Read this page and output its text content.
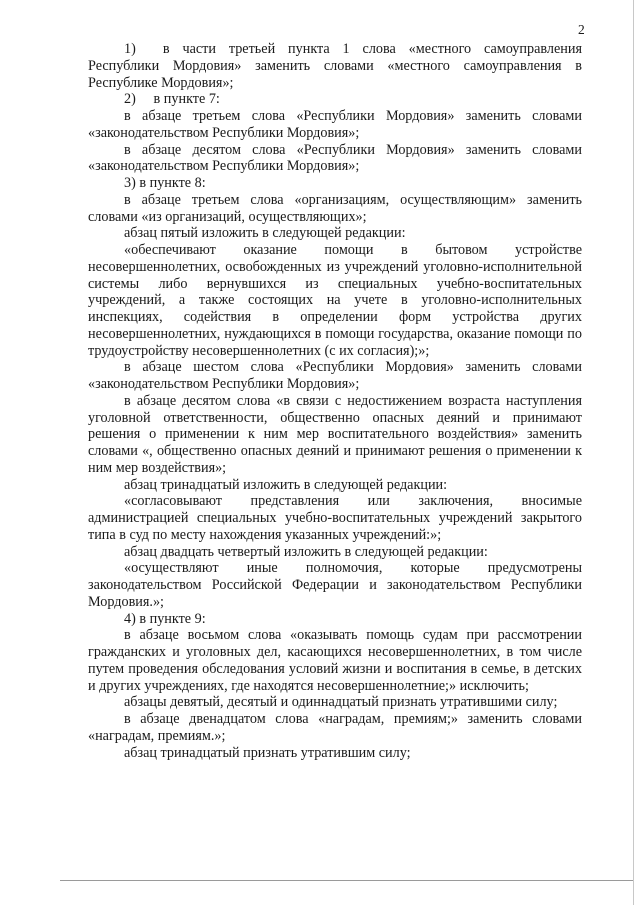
2

1)  в части третьей пункта 1 слова «местного самоуправления Республики Мордовия» заменить словами «местного самоуправления в Республике Мордовия»;

2)  в пункте 7:

в абзаце третьем слова «Республики Мордовия» заменить словами «законодательством Республики Мордовия»;

в абзаце десятом слова «Республики Мордовия» заменить словами «законодательством Республики Мордовия»;

3) в пункте 8:

в абзаце третьем слова «организациям, осуществляющим» заменить словами «из организаций, осуществляющих»;

абзац пятый изложить в следующей редакции:

«обеспечивают оказание помощи в бытовом устройстве несовершеннолетних, освобожденных из учреждений уголовно-исполнительной системы либо вернувшихся из специальных учебно-воспитательных учреждений, а также состоящих на учете в уголовно-исполнительных инспекциях, содействия в определении форм устройства других несовершеннолетних, нуждающихся в помощи государства, оказание помощи по трудоустройству несовершеннолетних (с их согласия);»;

в абзаце шестом слова «Республики Мордовия» заменить словами «законодательством Республики Мордовия»;

в абзаце десятом слова «в связи с недостижением возраста наступления уголовной ответственности, общественно опасных деяний и принимают решения о применении к ним мер воспитательного воздействия» заменить словами «, общественно опасных деяний и принимают решения о применении к ним мер воздействия»;

абзац тринадцатый изложить в следующей редакции:

«согласовывают представления или заключения, вносимые администрацией специальных учебно-воспитательных учреждений закрытого типа в суд по месту нахождения указанных учреждений:»;

абзац двадцать четвертый изложить в следующей редакции:

«осуществляют иные полномочия, которые предусмотрены законодательством Российской Федерации и законодательством Республики Мордовия.»;

4) в пункте 9:

в абзаце восьмом слова «оказывать помощь судам при рассмотрении гражданских и уголовных дел, касающихся несовершеннолетних, в том числе путем проведения обследования условий жизни и воспитания в семье, в детских и других учреждениях, где находятся несовершеннолетние;» исключить;

абзацы девятый, десятый и одиннадцатый признать утратившими силу;

в абзаце двенадцатом слова «наградам, премиям;» заменить словами «наградам, премиям.»;

абзац тринадцатый признать утратившим силу;
